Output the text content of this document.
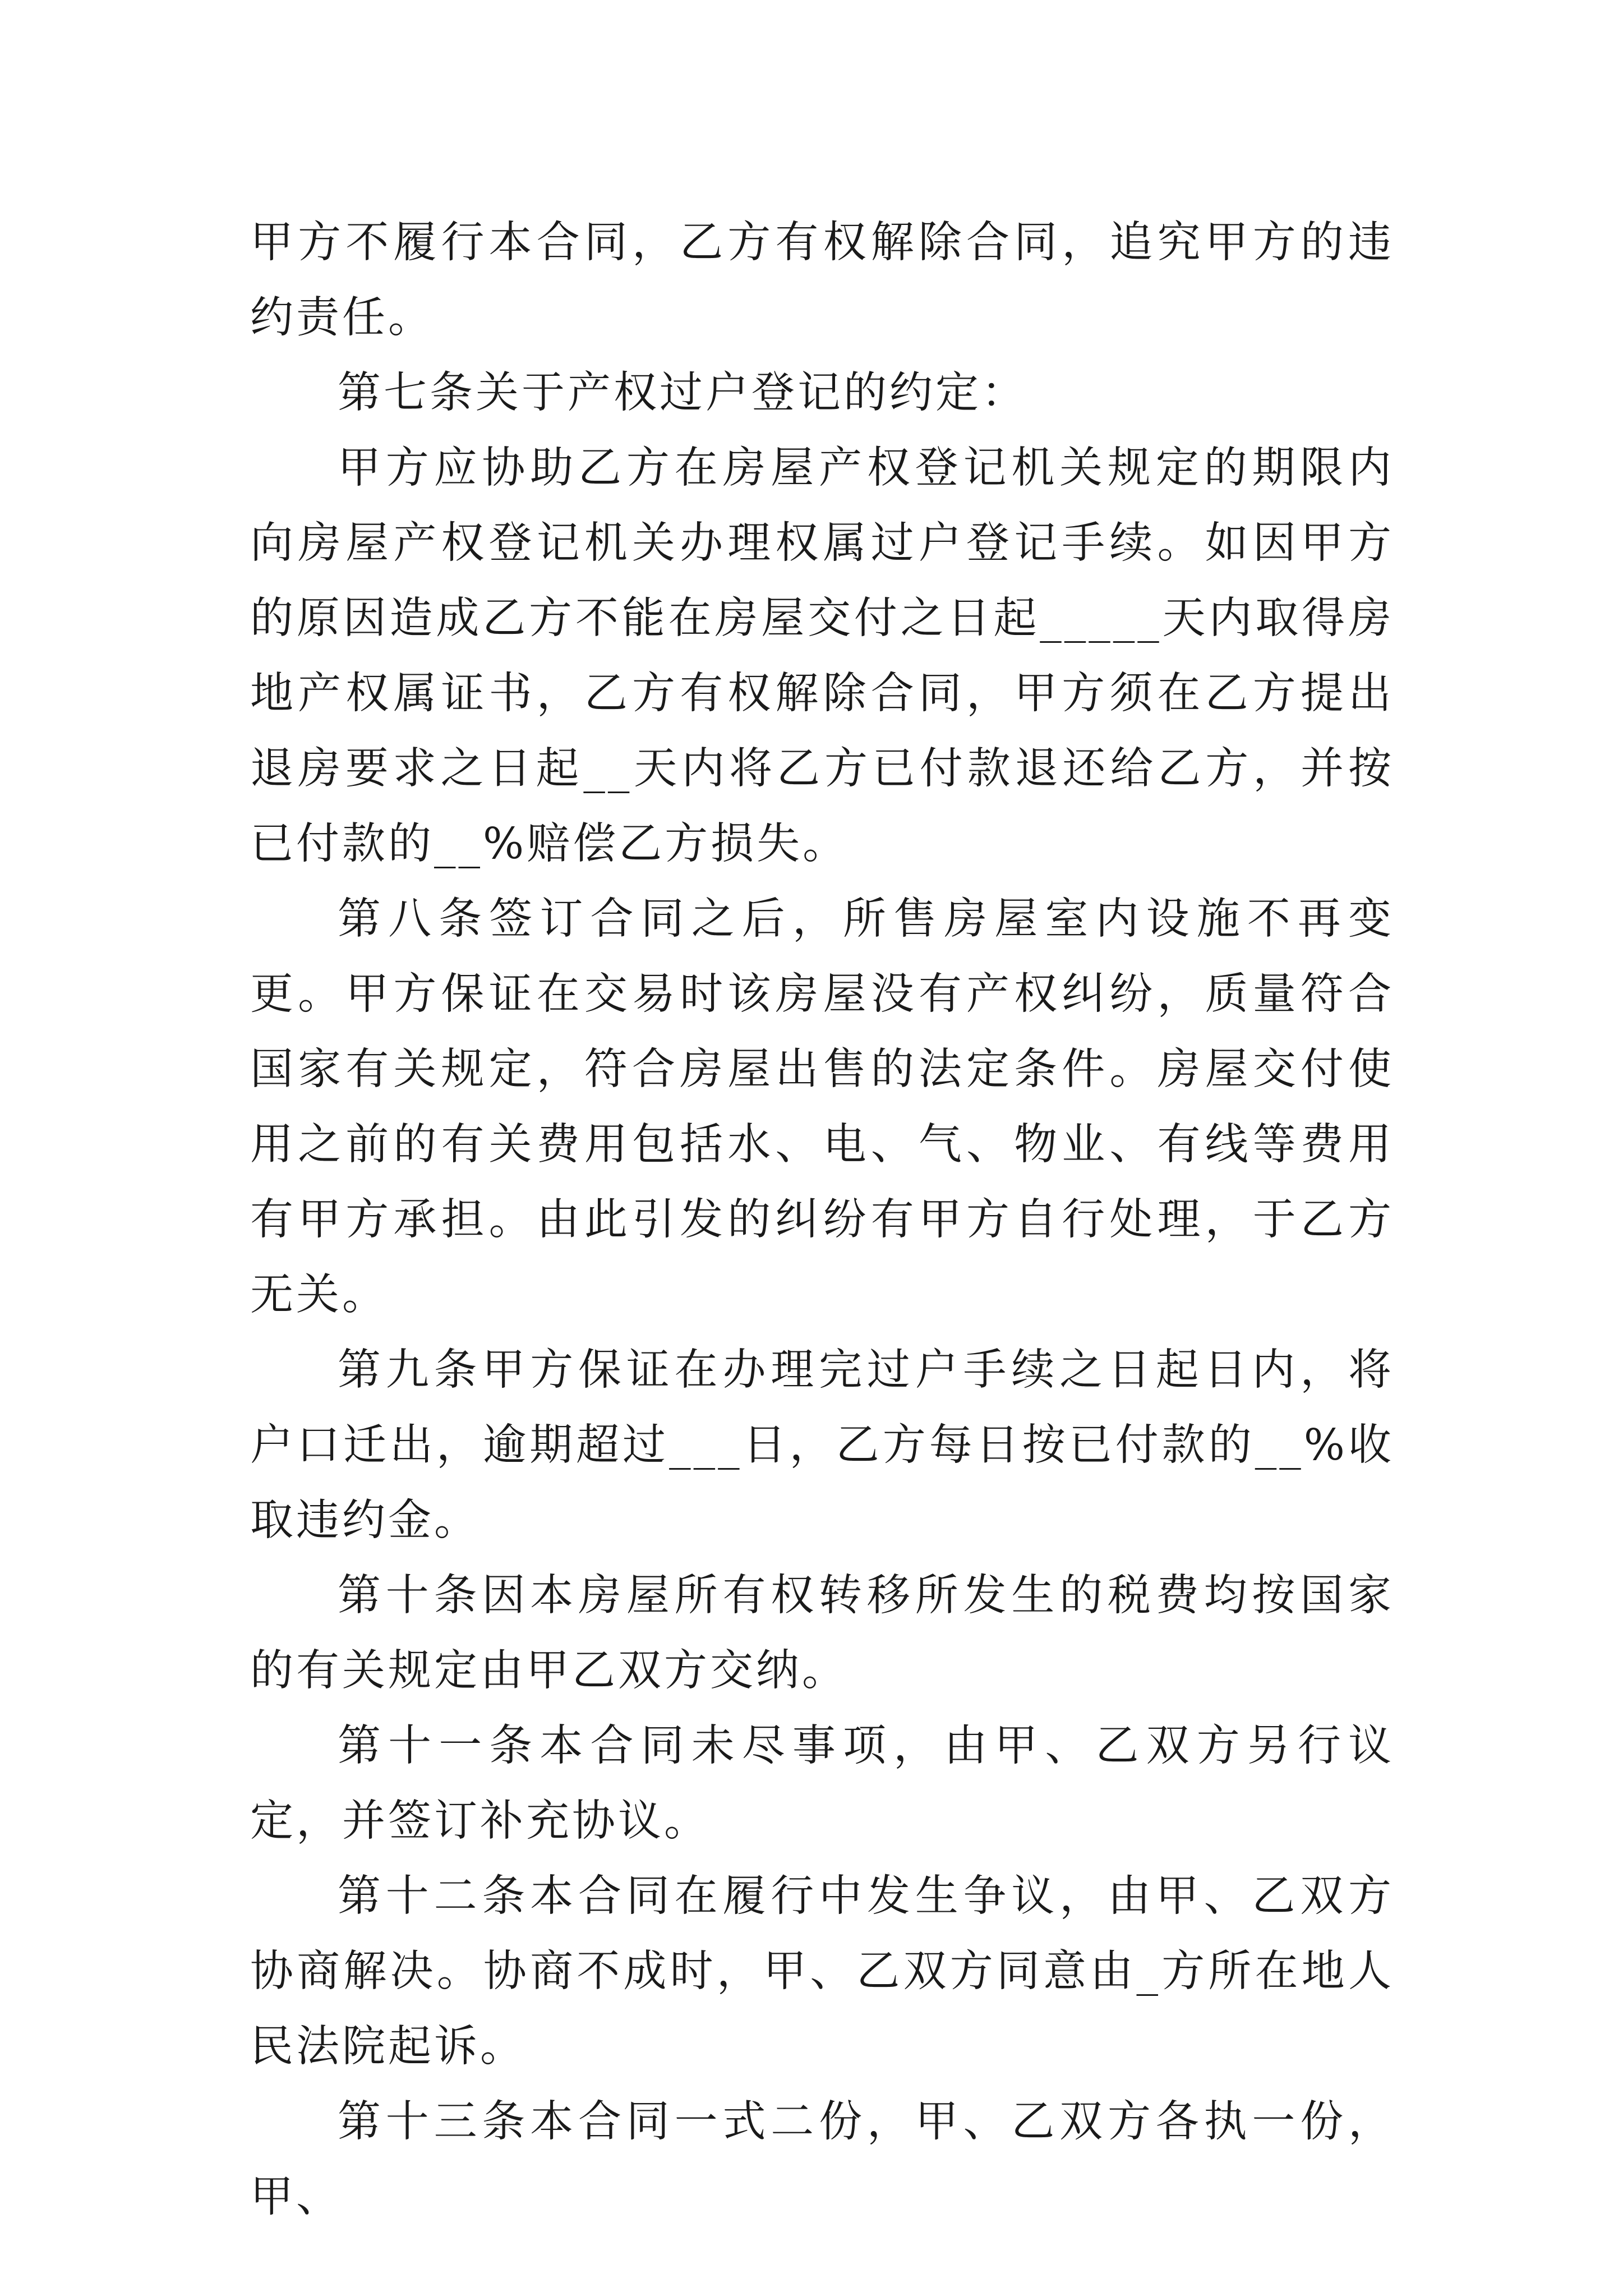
甲方不履行本合同，乙方有权解除合同，追究甲方的违约责任。

第七条关于产权过户登记的约定：

甲方应协助乙方在房屋产权登记机关规定的期限内向房屋产权登记机关办理权属过户登记手续。如因甲方的原因造成乙方不能在房屋交付之日起_____天内取得房地产权属证书，乙方有权解除合同，甲方须在乙方提出退房要求之日起__天内将乙方已付款退还给乙方，并按已付款的__%赔偿乙方损失。

第八条签订合同之后，所售房屋室内设施不再变更。甲方保证在交易时该房屋没有产权纠纷，质量符合国家有关规定，符合房屋出售的法定条件。房屋交付使用之前的有关费用包括水、电、气、物业、有线等费用有甲方承担。由此引发的纠纷有甲方自行处理，于乙方无关。

第九条甲方保证在办理完过户手续之日起日内，将户口迁出，逾期超过___日，乙方每日按已付款的__%收取违约金。

第十条因本房屋所有权转移所发生的税费均按国家的有关规定由甲乙双方交纳。

第十一条本合同未尽事项，由甲、乙双方另行议定，并签订补充协议。

第十二条本合同在履行中发生争议，由甲、乙双方协商解决。协商不成时，甲、乙双方同意由_方所在地人民法院起诉。

第十三条本合同一式二份，甲、乙双方各执一份，甲、
